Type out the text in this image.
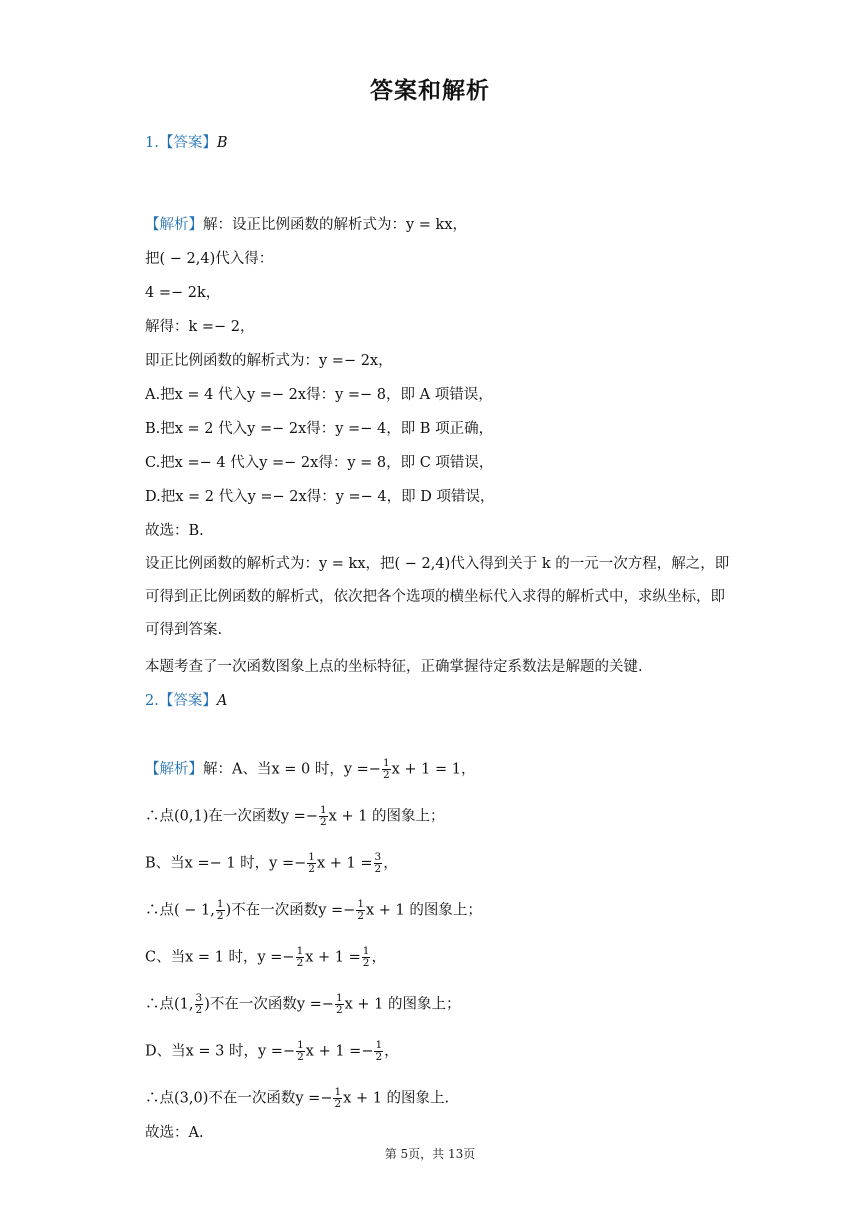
答案和解析
1.【答案】B
【解析】解：设正比例函数的解析式为：y = kx，
把( − 2,4)代入得：
4 =− 2k，
解得：k =− 2，
即正比例函数的解析式为：y =− 2x，
A.把x = 4 代入y =− 2x得：y =− 8，即 A 项错误，
B.把x = 2 代入y =− 2x得：y =− 4，即 B 项正确，
C.把x =− 4 代入y =− 2x得：y = 8，即 C 项错误，
D.把x = 2 代入y =− 2x得：y =− 4，即 D 项错误，
故选：B.
设正比例函数的解析式为：y = kx，把( − 2,4)代入得到关于 k 的一元一次方程，解之，即可得到正比例函数的解析式，依次把各个选项的横坐标代入求得的解析式中，求纵坐标，即可得到答案.
本题考查了一次函数图象上点的坐标特征，正确掌握待定系数法是解题的关键.
2.【答案】A
【解析】解：A、当x = 0 时，$y =- \frac{1}{2}$ x + 1 = 1，
∴点(0,1)在一次函数$y =- \frac{1}{2}$ x + 1 的图象上；
B、当x =− 1 时，$y =- \frac{1}{2}$ $x + 1 = \frac{3}{2}$ ，
∴点( − 1, $\frac{1}{2}$ )不在一次函数$y =- \frac{1}{2}$ x + 1 的图象上；
C、当x = 1 时，$y =- \frac{1}{2}$ $x + 1 = \frac{1}{2}$ ，
∴点(1, $\frac{3}{2}$ )不在一次函数$y =- \frac{1}{2}$ x + 1 的图象上；
D、当x = 3 时，$y =- \frac{1}{2}$ $x + 1 =- \frac{1}{2}$ ，
∴点(3,0)不在一次函数$y =- \frac{1}{2}$ x + 1 的图象上.
故选：A.
第 5页，共 13页
